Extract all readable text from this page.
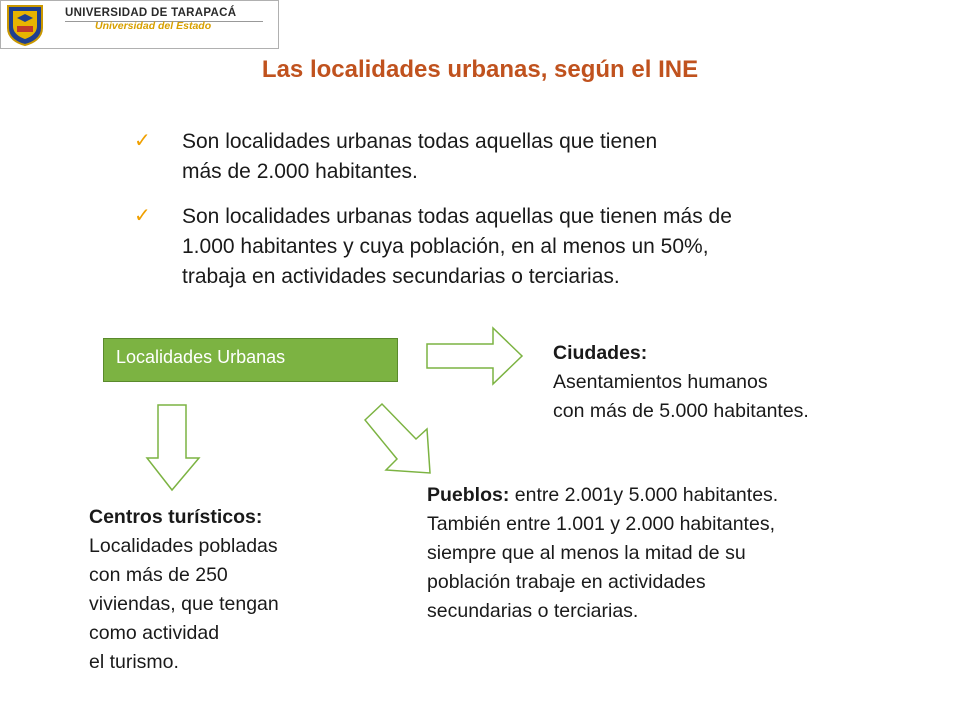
UNIVERSIDAD DE TARAPACÁ
Universidad del Estado
Las localidades urbanas, según el INE
✓ Son localidades urbanas todas aquellas que tienen
más de 2.000 habitantes.
✓ Son localidades urbanas todas aquellas que tienen más de
1.000 habitantes y cuya población, en al menos un 50%,
trabaja en actividades secundarias o terciarias.
Localidades Urbanas	Ciudades:
Asentamientos humanos
con más de 5.000 habitantes.
Pueblos: entre 2.001y 5.000 habitantes.
También entre 1.001 y 2.000 habitantes,
siempre que al menos la mitad de su
población trabaje en actividades
secundarias o terciarias.
Centros turísticos:
Localidades pobladas
con más de 250
viviendas, que tengan
como actividad
el turismo.
